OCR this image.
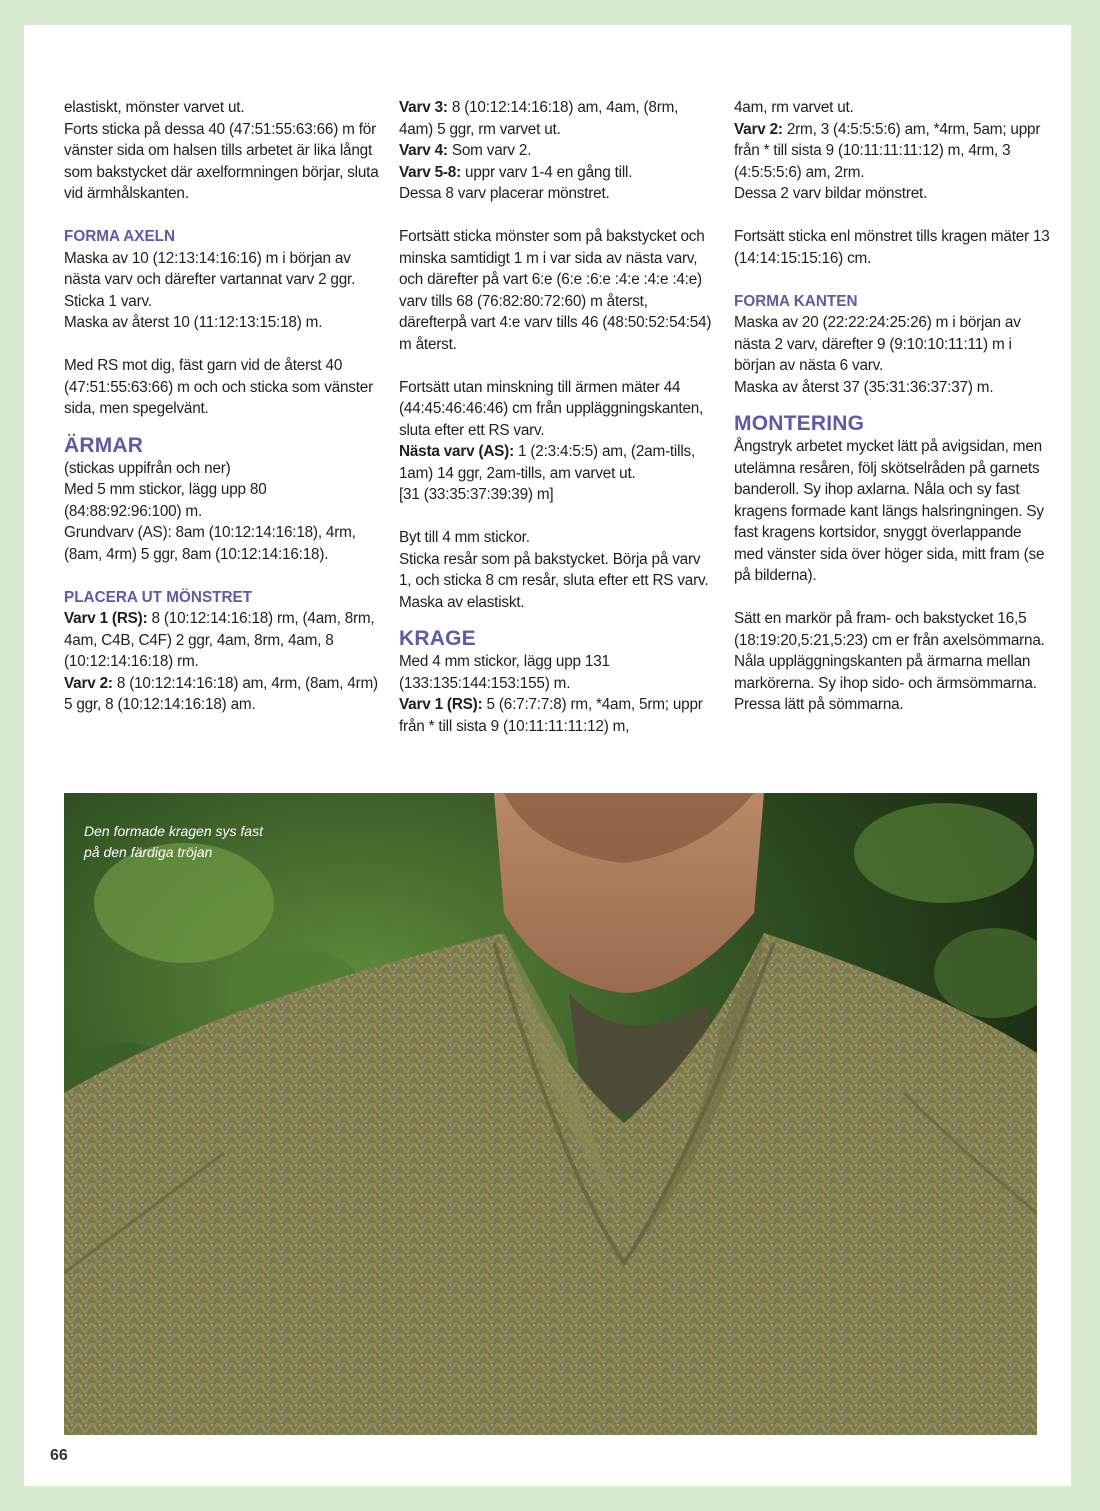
elastiskt, mönster varvet ut.

Forts sticka på dessa 40 (47:51:55:63:66) m för vänster sida om halsen tills arbetet är lika långt som bakstycket där axelformningen börjar, sluta vid ärmhålskanten.

FORMA AXELN

Maska av 10 (12:13:14:16:16) m i början av nästa varv och därefter vartannat varv 2 ggr.

Sticka 1 varv.

Maska av återst 10 (11:12:13:15:18) m.

Med RS mot dig, fäst garn vid de återst 40 (47:51:55:63:66) m och och sticka som vänster sida, men spegelvänt.

ÄRMAR

(stickas uppifrån och ner)

Med 5 mm stickor, lägg upp 80 (84:88:92:96:100) m.

Grundvarv (AS): 8am (10:12:14:16:18), 4rm, (8am, 4rm) 5 ggr, 8am (10:12:14:16:18).

PLACERA UT MÖNSTRET

Varv 1 (RS): 8 (10:12:14:16:18) rm, (4am, 8rm, 4am, C4B, C4F) 2 ggr, 4am, 8rm, 4am, 8 (10:12:14:16:18) rm.

Varv 2: 8 (10:12:14:16:18) am, 4rm, (8am, 4rm) 5 ggr, 8 (10:12:14:16:18) am.

Varv 3: 8 (10:12:14:16:18) am, 4am, (8rm, 4am) 5 ggr, rm varvet ut.

Varv 4: Som varv 2.

Varv 5-8: uppr varv 1-4 en gång till.

Dessa 8 varv placerar mönstret.

Fortsätt sticka mönster som på bakstycket och minska samtidigt 1 m i var sida av nästa varv, och därefter på vart 6:e (6:e :6:e :4:e :4:e :4:e) varv tills 68 (76:82:80:72:60) m återst, därefterpå vart 4:e varv tills 46 (48:50:52:54:54) m återst.

Fortsätt utan minskning till ärmen mäter 44 (44:45:46:46:46) cm från uppläggningskanten, sluta efter ett RS varv.

Nästa varv (AS): 1 (2:3:4:5:5) am, (2am-tills, 1am) 14 ggr, 2am-tills, am varvet ut.

[31 (33:35:37:39:39) m]

Byt till 4 mm stickor.

Sticka resår som på bakstycket. Börja på varv 1, och sticka 8 cm resår, sluta efter ett RS varv.

Maska av elastiskt.

KRAGE

Med 4 mm stickor, lägg upp 131 (133:135:144:153:155) m.

Varv 1 (RS): 5 (6:7:7:7:8) rm, *4am, 5rm; uppr från * till sista 9 (10:11:11:11:12) m,

4am, rm varvet ut.

Varv 2: 2rm, 3 (4:5:5:5:6) am, *4rm, 5am; uppr från * till sista 9 (10:11:11:11:12) m, 4rm, 3 (4:5:5:5:6) am, 2rm.

Dessa 2 varv bildar mönstret.

Fortsätt sticka enl mönstret tills kragen mäter 13 (14:14:15:15:16) cm.

FORMA KANTEN

Maska av 20 (22:22:24:25:26) m i början av nästa 2 varv, därefter 9 (9:10:10:11:11) m i början av nästa 6 varv.

Maska av återst 37 (35:31:36:37:37) m.

MONTERING

Ångstryk arbetet mycket lätt på avigsidan, men utelämna resåren, följ skötselråden på garnets banderoll. Sy ihop axlarna. Nåla och sy fast kragens formade kant längs halsringningen. Sy fast kragens kortsidor, snyggt överlappande med vänster sida över höger sida, mitt fram (se på bilderna).

Sätt en markör på fram- och bakstycket 16,5 (18:19:20,5:21,5:23) cm er från axelsömmarna. Nåla uppläggningskanten på ärmarna mellan markörerna. Sy ihop sido- och ärmsömmarna. Pressa lätt på sömmarna.

Den formade kragen sys fast
på den färdiga tröjan
66
